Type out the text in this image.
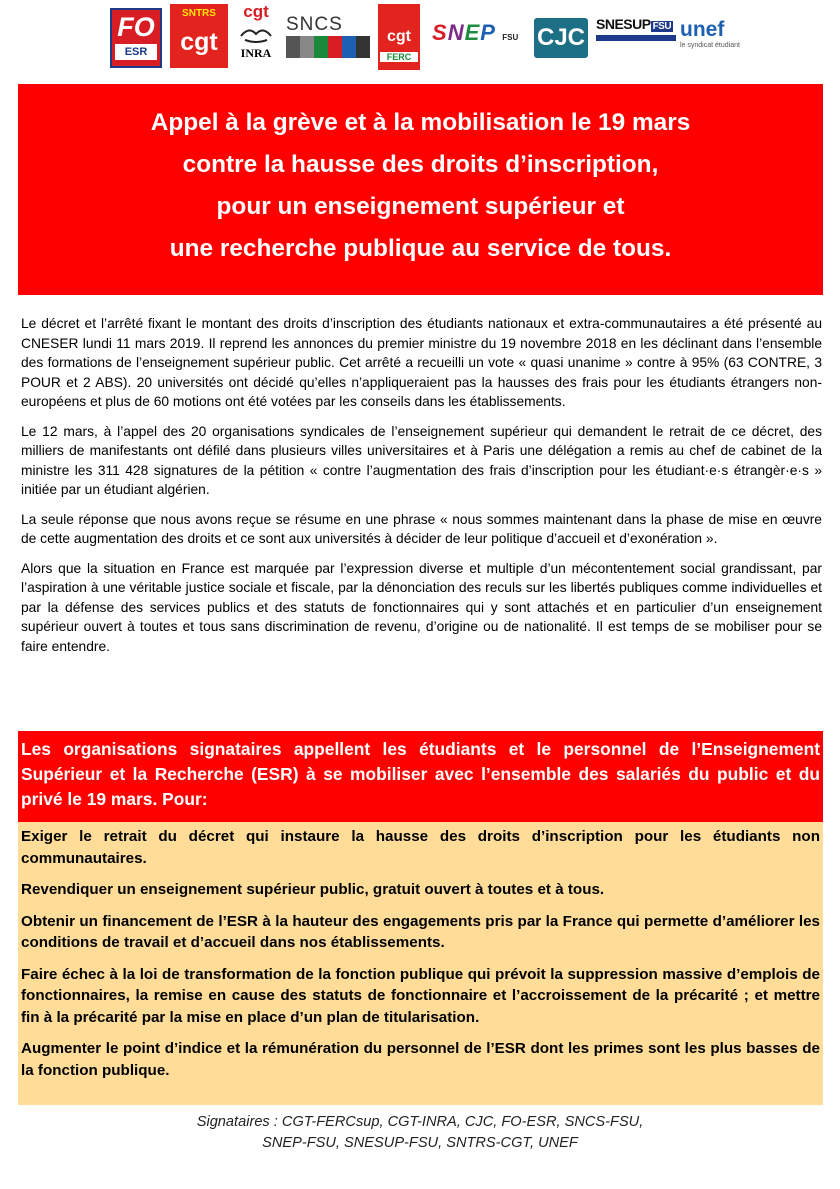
FO
ESR
SNTRS
cgt
cgt
INRA
SNCS
cgt
FERC
SNEP FSU CJC SNESUP FSU unef
le syndicat étudiant

Appel à la grève et à la mobilisation le 19 mars

contre la hausse des droits d’inscription,

pour un enseignement supérieur et

une recherche publique au service de tous.

Le décret et l’arrêté fixant le montant des droits d’inscription des étudiants nationaux et extra-communautaires a été présenté au CNESER lundi 11 mars 2019. Il reprend les annonces du premier ministre du 19 novembre 2018 en les déclinant dans l’ensemble des formations de l’enseignement supérieur public. Cet arrêté a recueilli un vote « quasi unanime » contre à 95% (63 CONTRE, 3 POUR et 2 ABS). 20 universités ont décidé qu’elles n’appliqueraient pas la hausses des frais pour les étudiants étrangers non-européens et plus de 60 motions ont été votées par les conseils dans les établissements.

Le 12 mars, à l’appel des 20 organisations syndicales de l’enseignement supérieur qui demandent le retrait de ce décret, des milliers de manifestants ont défilé dans plusieurs villes universitaires et à Paris une délégation a remis au chef de cabinet de la ministre les 311 428 signatures de la pétition « contre l’augmentation des frais d’inscription pour les étudiant·e·s étrangèr·e·s » initiée par un étudiant algérien.

La seule réponse que nous avons reçue se résume en une phrase « nous sommes maintenant dans la phase de mise en œuvre de cette augmentation des droits et ce sont aux universités à décider de leur politique d’accueil et d’exonération ».

Alors que la situation en France est marquée par l’expression diverse et multiple d’un mécontentement social grandissant, par l’aspiration à une véritable justice sociale et fiscale, par la dénonciation des reculs sur les libertés publiques comme individuelles et par la défense des services publics et des statuts de fonctionnaires qui y sont attachés et en particulier d’un enseignement supérieur ouvert à toutes et tous sans discrimination de revenu, d’origine ou de nationalité. Il est temps de se mobiliser pour se faire entendre.

Les organisations signataires appellent les étudiants et le personnel de l’Enseignement Supérieur et la Recherche (ESR) à se mobiliser avec l’ensemble des salariés du public et du privé le 19 mars. Pour:

Exiger le retrait du décret qui instaure la hausse des droits d’inscription pour les étudiants non communautaires.

Revendiquer un enseignement supérieur public, gratuit ouvert à toutes et à tous.

Obtenir un financement de l’ESR à la hauteur des engagements pris par la France qui permette d’améliorer les conditions de travail et d’accueil dans nos établissements.

Faire échec à la loi de transformation de la fonction publique qui prévoit la suppression massive d’emplois de fonctionnaires, la remise en cause des statuts de fonctionnaire et l’accroissement de la précarité ; et mettre fin à la précarité par la mise en place d’un plan de titularisation.

Augmenter le point d’indice et la rémunération du personnel de l’ESR dont les primes sont les plus basses de la fonction publique.

Signataires : CGT-FERCsup, CGT-INRA, CJC, FO-ESR, SNCS-FSU,

SNEP-FSU, SNESUP-FSU, SNTRS-CGT, UNEF
